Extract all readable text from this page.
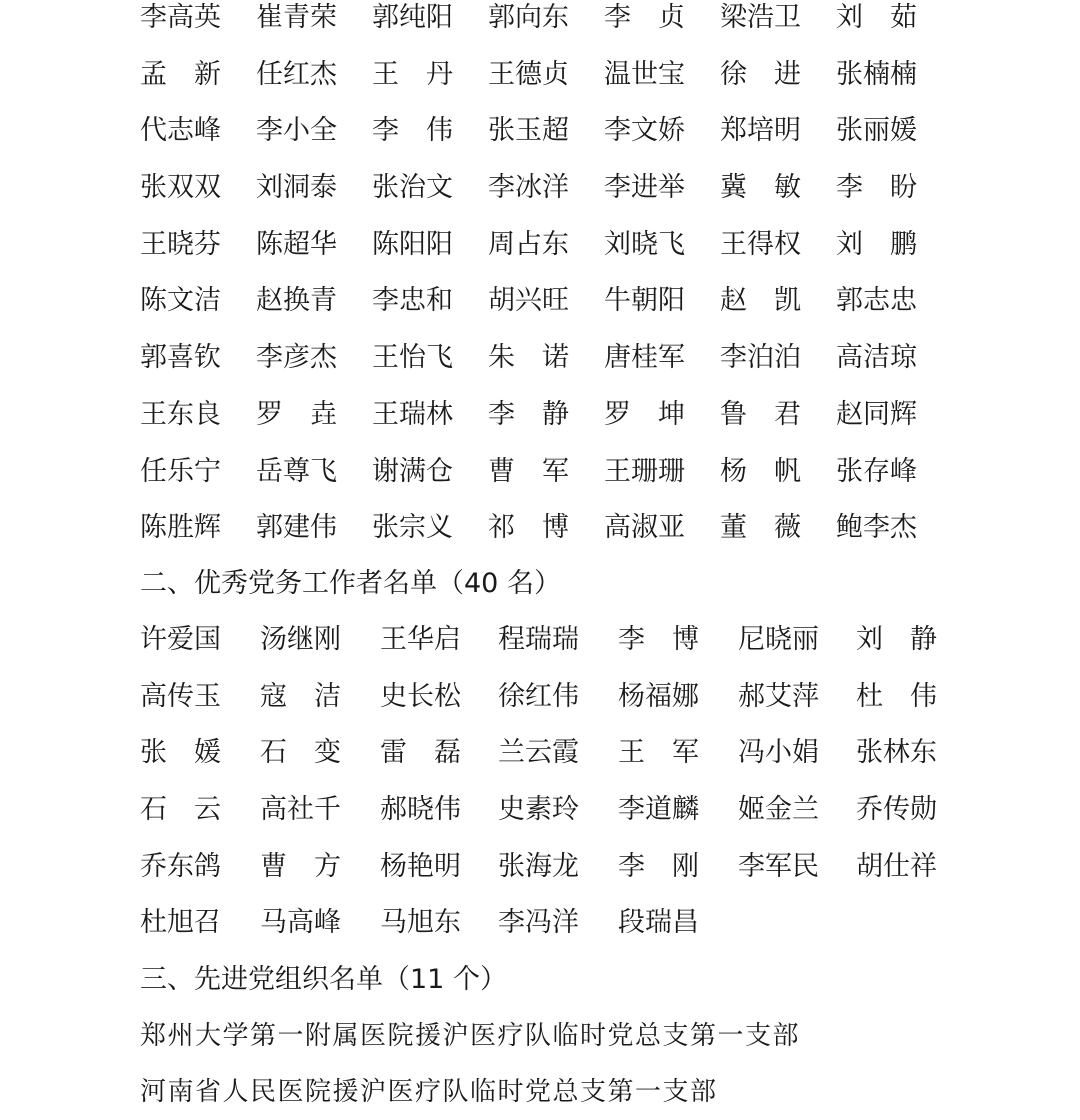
李高英 崔青荣 郭纯阳 郭向东 李　贞 梁浩卫 刘　茹
孟　新 任红杰 王　丹 王德贞 温世宝 徐　进 张楠楠
代志峰 李小全 李　伟 张玉超 李文娇 郑培明 张丽媛
张双双 刘洞泰 张治文 李冰洋 李进举 冀　敏 李　盼
王晓芬 陈超华 陈阳阳 周占东 刘晓飞 王得权 刘　鹏
陈文洁 赵换青 李忠和 胡兴旺 牛朝阳 赵　凯 郭志忠
郭喜钦 李彦杰 王怡飞 朱　诺 唐桂军 李泊泊 高洁琼
王东良 罗　垚 王瑞林 李　静 罗　坤 鲁　君 赵同辉
任乐宁 岳尊飞 谢满仓 曹　军 王珊珊 杨　帆 张存峰
陈胜辉 郭建伟 张宗义 祁　博 高淑亚 董　薇 鲍李杰
二、优秀党务工作者名单（40 名）
许爱国 汤继刚 王华启 程瑞瑞 李　博 尼晓丽 刘　静
高传玉 寇　洁 史长松 徐红伟 杨福娜 郝艾萍 杜　伟
张　媛 石　变 雷　磊 兰云霞 王　军 冯小娟 张林东
石　云 高社千 郝晓伟 史素玲 李道麟 姬金兰 乔传勋
乔东鸽 曹　方 杨艳明 张海龙 李　刚 李军民 胡仕祥
杜旭召 马高峰 马旭东 李冯洋 段瑞昌
三、先进党组织名单（11 个）
郑州大学第一附属医院援沪医疗队临时党总支第一支部
河南省人民医院援沪医疗队临时党总支第一支部
